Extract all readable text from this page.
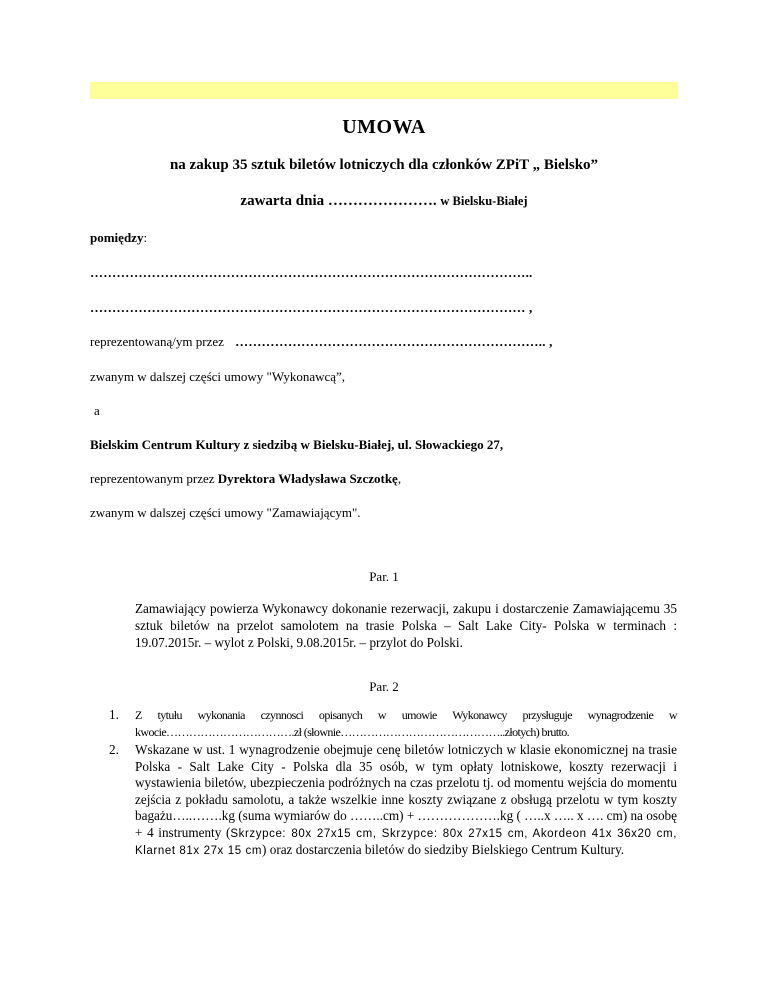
UMOWA
na zakup 35 sztuk biletów lotniczych dla członków ZPiT „ Bielsko”
zawarta dnia …………………. w Bielsku-Białej
pomiędzy:
………………………………………………………………………………………..
……………………………………………………………………………………… ,
reprezentowaną/ym przez …………………………………………………………….. ,
zwanym w dalszej części umowy "Wykonawcą”,
a
Bielskim Centrum Kultury z siedzibą w Bielsku-Białej, ul. Słowackiego 27,
reprezentowanym przez Dyrektora Władysława Szczotkę,
zwanym w dalszej części umowy "Zamawiającym".
Par. 1
Zamawiający powierza Wykonawcy dokonanie rezerwacji, zakupu i dostarczenie Zamawiającemu 35 sztuk biletów na przelot samolotem na trasie Polska – Salt Lake City- Polska w terminach : 19.07.2015r. – wylot z Polski, 9.08.2015r. – przylot do Polski.
Par. 2
1. Z tytułu wykonania czynnosci opisanych w umowie Wykonawcy przysługuje wynagrodzenie w kwocie…………………………….zł (słownie……………………………………..złotych) brutto.
2. Wskazane w ust. 1 wynagrodzenie obejmuje cenę biletów lotniczych w klasie ekonomicznej na trasie Polska - Salt Lake City - Polska dla 35 osób, w tym opłaty lotniskowe, koszty rezerwacji i wystawienia biletów, ubezpieczenia podróżnych na czas przelotu tj. od momentu wejścia do momentu zejścia z pokładu samolotu, a także wszelkie inne koszty związane z obsługą przelotu w tym koszty bagażu…..…….kg (suma wymiarów do ……..cm) + ……………….kg ( …..x ….. x …. cm) na osobę + 4 instrumenty (Skrzypce: 80x 27x15 cm, Skrzypce: 80x 27x15 cm, Akordeon 41x 36x20 cm, Klarnet 81x 27x 15 cm) oraz dostarczenia biletów do siedziby Bielskiego Centrum Kultury.
